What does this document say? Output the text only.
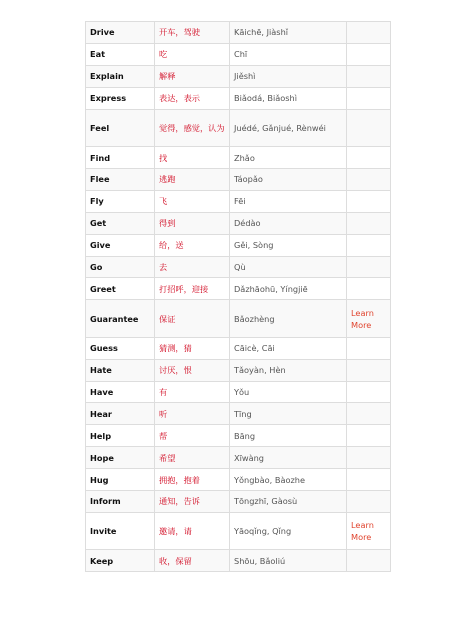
Drive	开车，驾驶	Kāichē, Jiàshǐ	
Eat	吃	Chī	
Explain	解释	Jiěshì	
Express	表达，表示	Biǎodá, Biǎoshì	
Feel	觉得，感觉，认为	Juédé, Gǎnjué, Rènwéi	
Find	找	Zhǎo	
Flee	逃跑	Táopǎo	
Fly	飞	Fēi	
Get	得到	Dédào	
Give	给，送	Gěi, Sòng	
Go	去	Qù	
Greet	打招呼，迎接	Dǎzhāohū, Yíngjiē	
Guarantee	保证	Bǎozhèng	Learn More
Guess	猜测，猜	Cāicè, Cāi	
Hate	讨厌，恨	Tǎoyàn, Hèn	
Have	有	Yǒu	
Hear	听	Tīng	
Help	帮	Bāng	
Hope	希望	Xīwàng	
Hug	拥抱，抱着	Yǒngbào, Bàozhe	
Inform	通知，告诉	Tōngzhī, Gàosù	
Invite	邀请，请	Yāoqǐng, Qǐng	Learn More
Keep	收，保留	Shōu, Bǎoliú	
